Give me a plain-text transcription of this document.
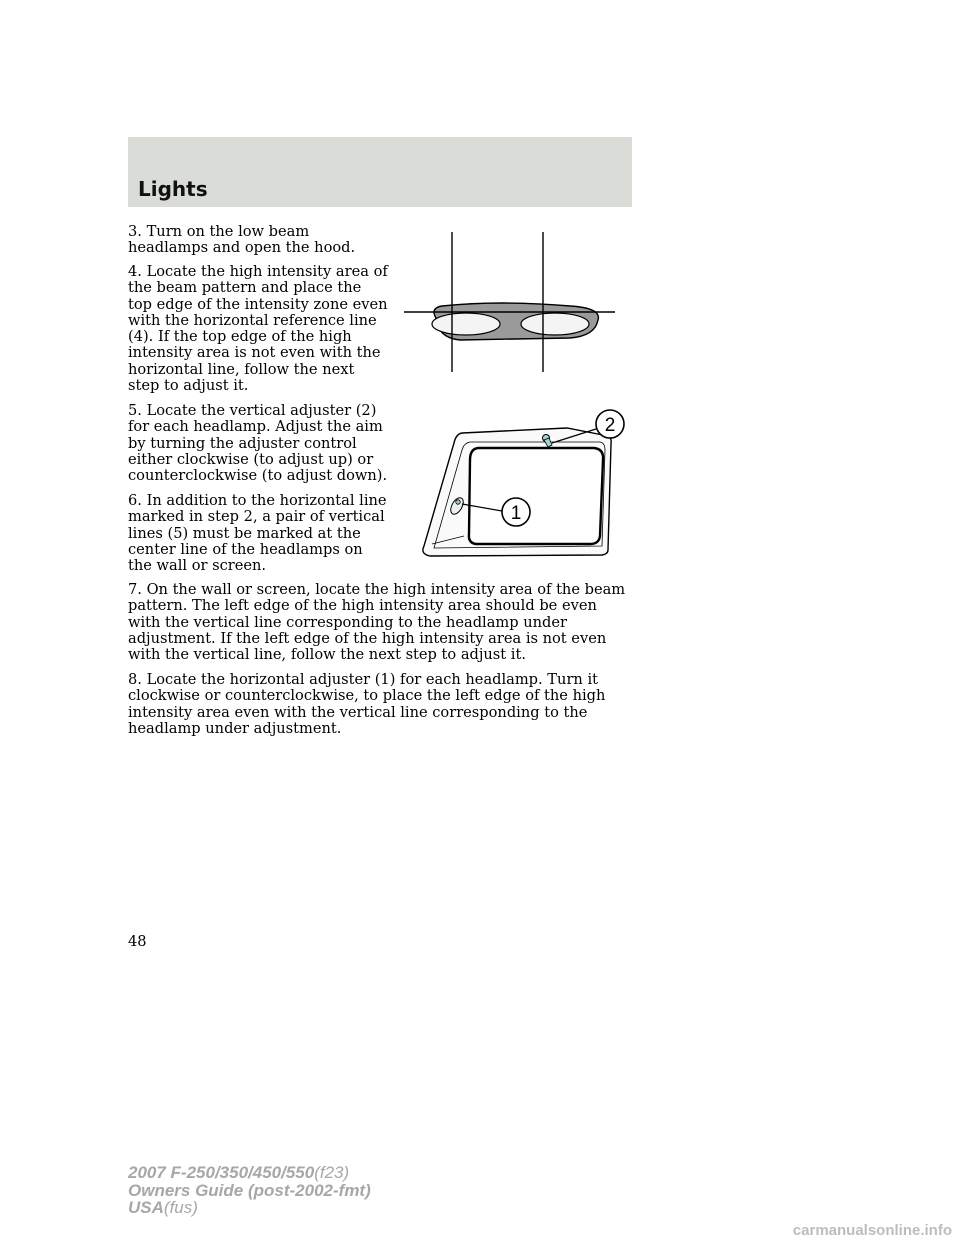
Lights

3. Turn on the low beam headlamps and open the hood.

4. Locate the high intensity area of the beam pattern and place the top edge of the intensity zone even with the horizontal reference line (4). If the top edge of the high intensity area is not even with the horizontal line, follow the next step to adjust it.

5. Locate the vertical adjuster (2) for each headlamp. Adjust the aim by turning the adjuster control either clockwise (to adjust up) or counterclockwise (to adjust down).

6. In addition to the horizontal line marked in step 2, a pair of vertical lines (5) must be marked at the center line of the headlamps on the wall or screen.

7. On the wall or screen, locate the high intensity area of the beam pattern. The left edge of the high intensity area should be even with the vertical line corresponding to the headlamp under adjustment. If the left edge of the high intensity area is not even with the vertical line, follow the next step to adjust it.

8. Locate the horizontal adjuster (1) for each headlamp. Turn it clockwise or counterclockwise, to place the left edge of the high intensity area even with the vertical line corresponding to the headlamp under adjustment.

2
1

48

2007 F-250/350/450/550(f23)
Owners Guide (post-2002-fmt)
USA(fus)

carmanualsonline.info
